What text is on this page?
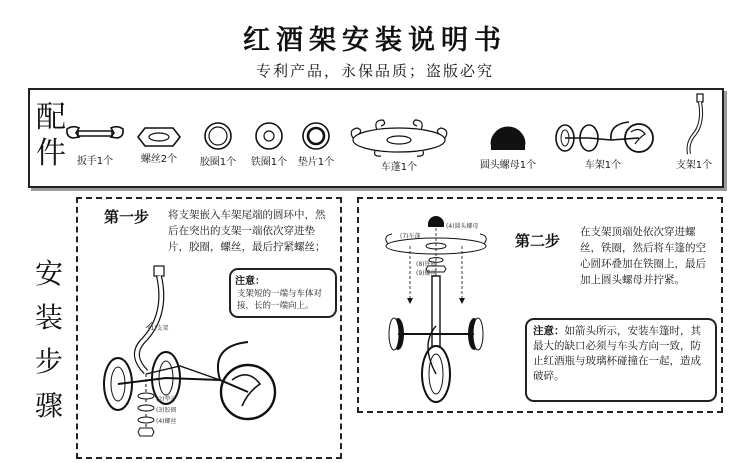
红酒架安装说明书
专利产品，永保品质；盗版必究
配
件	扳手1个	螺丝2个	胶圈1个	铁圈1个	垫片1个	车蓬1个	圆头螺母1个	车架1个	支架1个
安
装
步
骤
第一步 将支架嵌入车架尾端的圆环中，然后在突出的支架一端依次穿进垫片，胶圈，螺丝，最后拧紧螺丝；
注意：
支架短的一端与车体对接，长的一端向上。
(1)支架
(2)垫片
(3)胶圈
(4)螺丝
第二步 在支架顶端处依次穿进螺丝，铁圈，然后将车篷的空心圆环叠加在铁圈上，最后加上圆头螺母并拧紧。
注意：如箭头所示，安装车篷时，其最大的缺口必须与车头方向一致，防止红酒瓶与玻璃杯碰撞在一起，造成破碎。
(4)圆头螺母
(7)车蓬
(8)铁圈
(9)螺丝
